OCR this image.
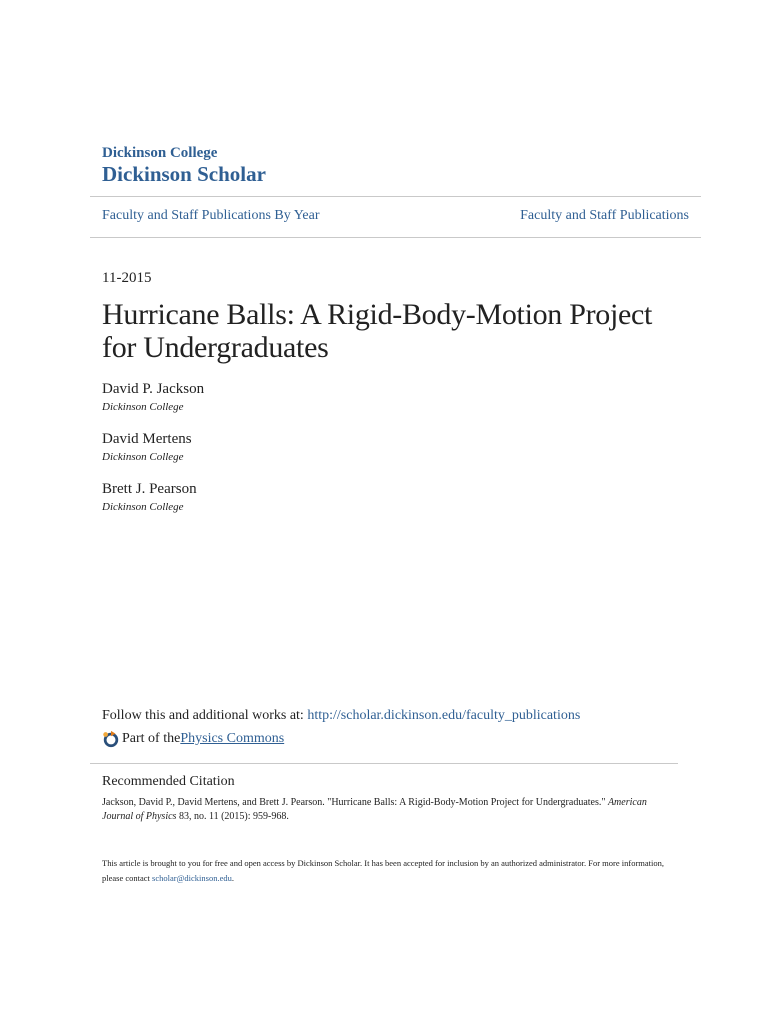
Dickinson College
Dickinson Scholar
Faculty and Staff Publications By Year	Faculty and Staff Publications
11-2015
Hurricane Balls: A Rigid-Body-Motion Project for Undergraduates
David P. Jackson
Dickinson College
David Mertens
Dickinson College
Brett J. Pearson
Dickinson College
Follow this and additional works at: http://scholar.dickinson.edu/faculty_publications
Part of the Physics Commons
Recommended Citation
Jackson, David P., David Mertens, and Brett J. Pearson. "Hurricane Balls: A Rigid-Body-Motion Project for Undergraduates." American Journal of Physics 83, no. 11 (2015): 959-968.
This article is brought to you for free and open access by Dickinson Scholar. It has been accepted for inclusion by an authorized administrator. For more information, please contact scholar@dickinson.edu.
